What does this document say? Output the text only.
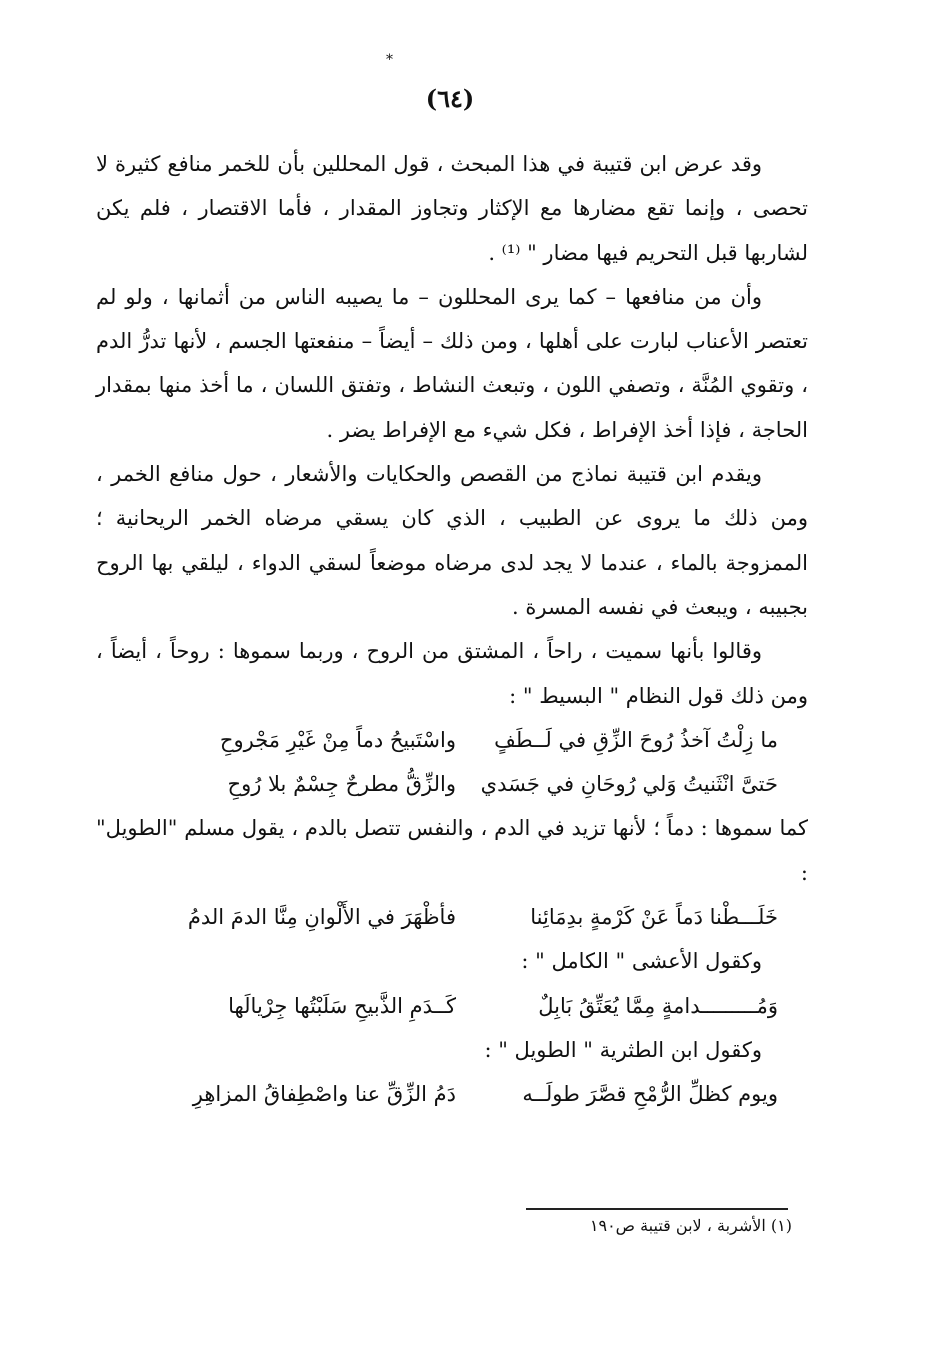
*
(٦٤)

وقد عرض ابن قتيبة في هذا المبحث ، قول المحللين بأن للخمر منافع كثيرة لا تحصى ، وإنما تقع مضارها مع الإكثار وتجاوز المقدار ، فأما الاقتصار ، فلم يكن لشاربها قبل التحريم فيها مضار " ⁽¹⁾ .

وأن من منافعها – كما يرى المحللون – ما يصيبه الناس من أثمانها ، ولو لم تعتصر الأعناب لبارت على أهلها ، ومن ذلك – أيضاً – منفعتها الجسم ، لأنها تدرُّ الدم ، وتقوي المُنَّة ، وتصفي اللون ، وتبعث النشاط ، وتفتق اللسان ، ما أخذ منها بمقدار الحاجة ، فإذا أخذ الإفراط ، فكل شيء مع الإفراط يضر .

ويقدم ابن قتيبة نماذج من القصص والحكايات والأشعار ، حول منافع الخمر ، ومن ذلك ما يروى عن الطبيب ، الذي كان يسقي مرضاه الخمر الريحانية ؛ الممزوجة بالماء ، عندما لا يجد لدى مرضاه موضعاً لسقي الدواء ، ليلقي بها الروح بجبيبه ، ويبعث في نفسه المسرة .

وقالوا بأنها سميت ، راحاً ، المشتق من الروح ، وربما سموها : روحاً ، أيضاً ، ومن ذلك قول النظام " البسيط " :

ما زِلْتُ آخذُ رُوحَ الزِّقِ في لَــطَفٍ
واسْتَبيحُ دماً مِنْ غَيْرِ مَجْروحِ
حَتىَّ انْثَنيتُ وَلي رُوحَانِ في جَسَدي
والزِّقُّ مطرحٌ جِسْمٌ بلا رُوحِ

كما سموها : دماً ؛ لأنها تزيد في الدم ، والنفس تتصل بالدم ، يقول مسلم "الطويل" :

خَلَـــطْنا دَماً عَنْ كَرْمةٍ بدِمَائِنا
فأظْهَرَ في الأَلْوانِ مِنَّا الدمَ الدمُ

وكقول الأعشى " الكامل " :

وَمُـــــــــدامةٍ مِمَّا يُعَتِّقُ بَابِلٌ
كَــدَمِ الذَّبيحِ سَلَبْتُها جِرْيالَها

وكقول ابن الطثرية " الطويل " :

ويوم كظلِّ الرُّمْحِ قصَّرَ طولَــه
دَمُ الزِّقِّ عنا واصْطِفاقُ المزاهِرِ
(١) الأشربة ، لابن قتيبة ص١٩٠
